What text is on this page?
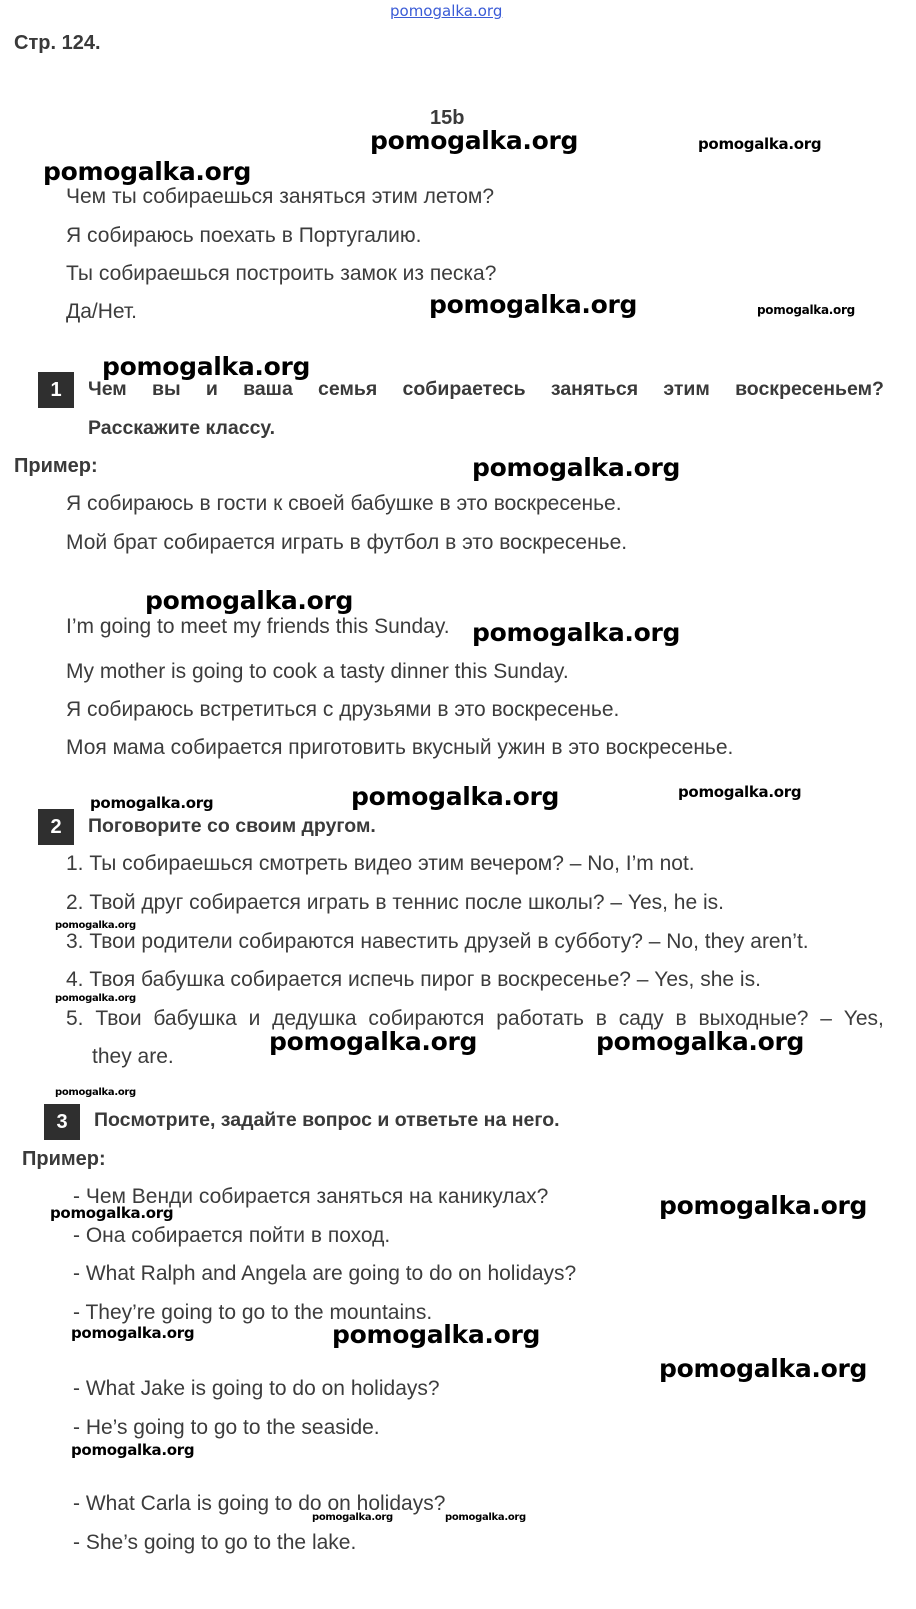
pomogalka.org
Стр. 124.
15b
Чем ты собираешься заняться этим летом?
Я собираюсь поехать в Португалию.
Ты собираешься построить замок из песка?
Да/Нет.
1	Чем вы и ваша семья собираетесь заняться этим воскресеньем?
Расскажите классу.
Пример:
Я собираюсь в гости к своей бабушке в это воскресенье.
Мой брат собирается играть в футбол в это воскресенье.
I’m going to meet my friends this Sunday.
My mother is going to cook a tasty dinner this Sunday.
Я собираюсь встретиться с друзьями в это воскресенье.
Моя мама собирается приготовить вкусный ужин в это воскресенье.
2	Поговорите со своим другом.
1. Ты собираешься смотреть видео этим вечером? – No, I’m not.
2. Твой друг собирается играть в теннис после школы? – Yes, he is.
3. Твои родители собираются навестить друзей в субботу? – No, they aren’t.
4. Твоя бабушка собирается испечь пирог в воскресенье? – Yes, she is.
5. Твои бабушка и дедушка собираются работать в саду в выходные? – Yes,
they are.
3	Посмотрите, задайте вопрос и ответьте на него.
Пример:
- Чем Венди собирается заняться на каникулах?
- Она собирается пойти в поход.
- What Ralph and Angela are going to do on holidays?
- They’re going to go to the mountains.
- What Jake is going to do on holidays?
- He’s going to go to the seaside.
- What Carla is going to do on holidays?
- She’s going to go to the lake.
pomogalka.org	pomogalka.org
pomogalka.org
pomogalka.org	pomogalka.org
pomogalka.org
pomogalka.org
pomogalka.org
pomogalka.org
pomogalka.org	pomogalka.org	pomogalka.org
pomogalka.org
pomogalka.org
pomogalka.org	pomogalka.org
pomogalka.org
pomogalka.org	pomogalka.org
pomogalka.org	pomogalka.org
pomogalka.org
pomogalka.org
pomogalka.org	pomogalka.org
